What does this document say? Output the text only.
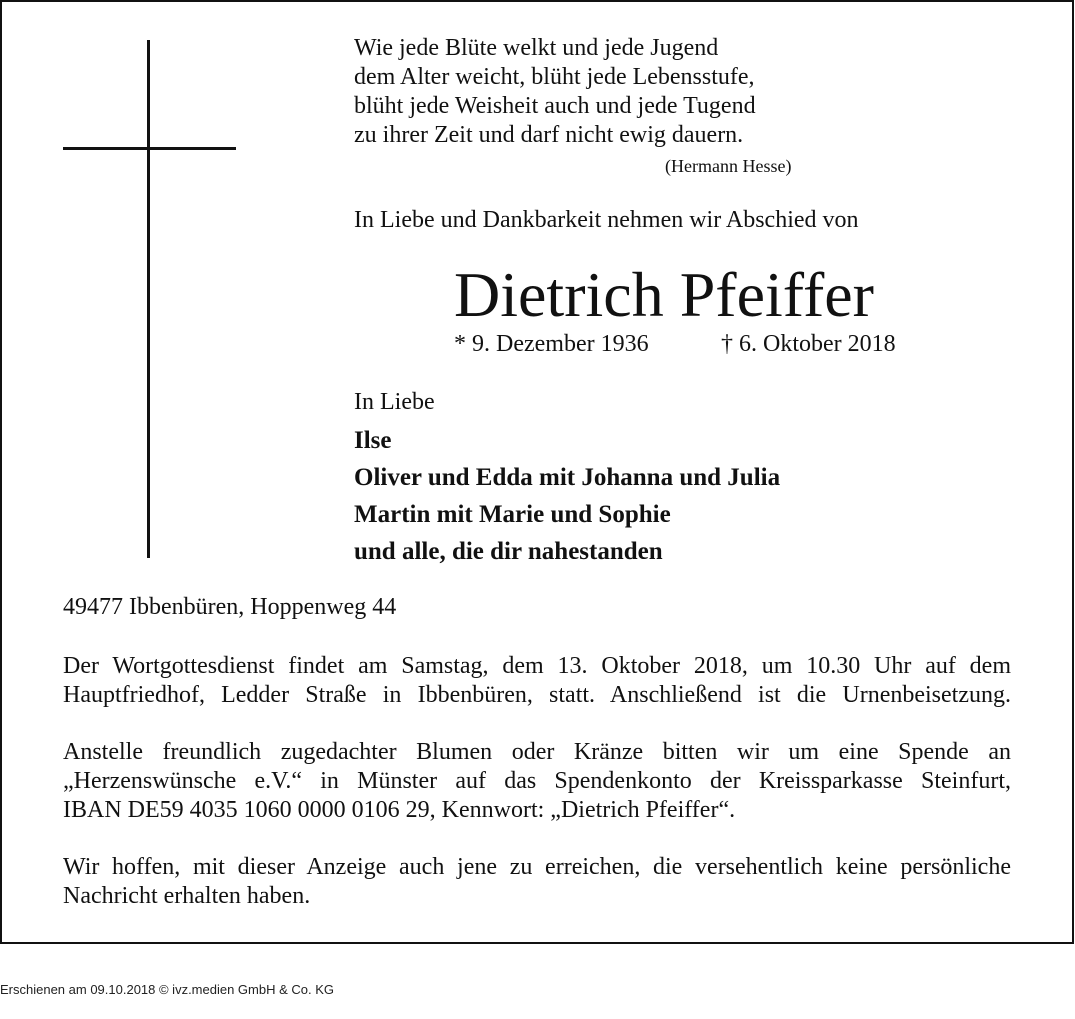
Wie jede Blüte welkt und jede Jugend
dem Alter weicht, blüht jede Lebensstufe,
blüht jede Weisheit auch und jede Tugend
zu ihrer Zeit und darf nicht ewig dauern.
(Hermann Hesse)
In Liebe und Dankbarkeit nehmen wir Abschied von
Dietrich Pfeiffer
* 9. Dezember 1936	† 6. Oktober 2018
In Liebe
Ilse
Oliver und Edda mit Johanna und Julia
Martin mit Marie und Sophie
und alle, die dir nahestanden
49477 Ibbenbüren, Hoppenweg 44
Der Wortgottesdienst findet am Samstag, dem 13. Oktober 2018, um 10.30 Uhr auf dem
Hauptfriedhof, Ledder Straße in Ibbenbüren, statt. Anschließend ist die Urnenbeisetzung.
Anstelle freundlich zugedachter Blumen oder Kränze bitten wir um eine Spende an
„Herzenswünsche e.V.“ in Münster auf das Spendenkonto der Kreissparkasse Steinfurt,
IBAN DE59 4035 1060 0000 0106 29, Kennwort: „Dietrich Pfeiffer“.
Wir hoffen, mit dieser Anzeige auch jene zu erreichen, die versehentlich keine persönliche
Nachricht erhalten haben.
Erschienen am 09.10.2018 © ivz.medien GmbH & Co. KG
